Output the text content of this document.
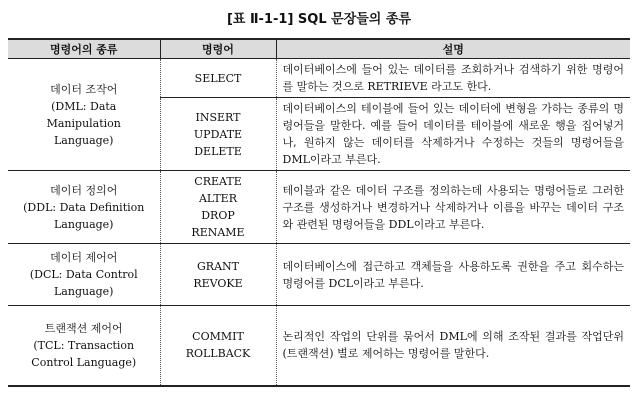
[표 Ⅱ-1-1] SQL 문장들의 종류
명령어의 종류	명령어	설명

데이터 조작어
(DML: Data
Manipulation
Language)	SELECT	데이터베이스에 들어 있는 데이터를 조회하거나 검색하기 위한 명령어를 말하는 것으로 RETRIEVE 라고도 한다.

	INSERT
UPDATE
DELETE	데이터베이스의 테이블에 들어 있는 데이터에 변형을 가하는 종류의 명령어들을 말한다. 예를 들어 데이터를 테이블에 새로운 행을 집어넣거나, 원하지 않는 데이터를 삭제하거나 수정하는 것들의 명령어들을 DML이라고 부른다.

데이터 정의어
(DDL: Data Definition
Language)	CREATE
ALTER
DROP
RENAME	테이블과 같은 데이터 구조를 정의하는데 사용되는 명령어들로 그러한 구조를 생성하거나 변경하거나 삭제하거나 이름을 바꾸는 데이터 구조와 관련된 명령어들을 DDL이라고 부른다.

데이터 제어어
(DCL: Data Control
Language)	GRANT
REVOKE	데이터베이스에 접근하고 객체들을 사용하도록 권한을 주고 회수하는 명령어를 DCL이라고 부른다.

트랜잭션 제어어
(TCL: Transaction
Control Language)	COMMIT
ROLLBACK	논리적인 작업의 단위를 묶어서 DML에 의해 조작된 결과를 작업단위(트랜잭션) 별로 제어하는 명령어를 말한다.
